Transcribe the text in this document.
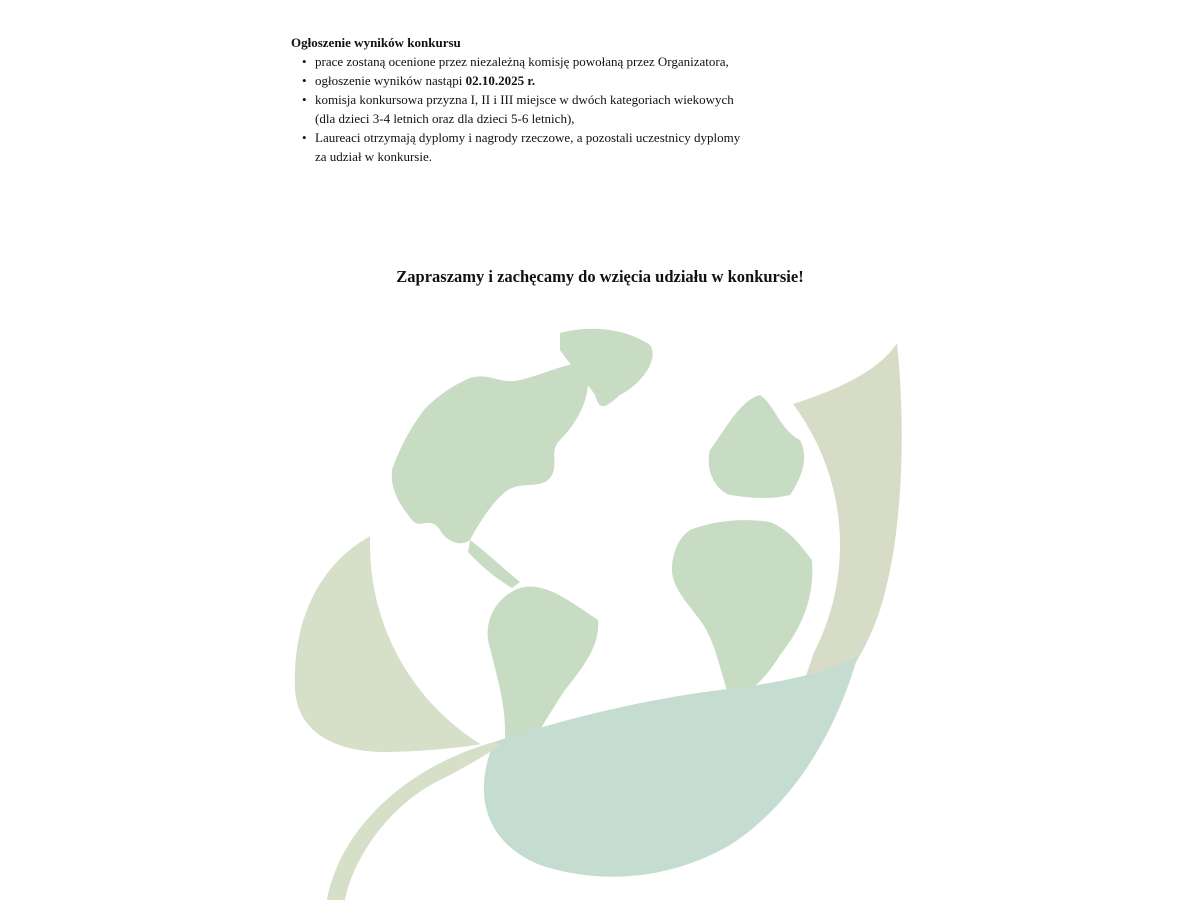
Ogłoszenie wyników konkursu
• prace zostaną ocenione przez niezależną komisję powołaną przez Organizatora,
• ogłoszenie wyników nastąpi 02.10.2025 r.
• komisja konkursowa przyzna I, II i III miejsce w dwóch kategoriach wiekowych
(dla dzieci 3-4 letnich oraz dla dzieci 5-6 letnich),
• Laureaci otrzymają dyplomy i nagrody rzeczowe, a pozostali uczestnicy dyplomy
za udział w konkursie.
Zapraszamy i zachęcamy do wzięcia udziału w konkursie!
